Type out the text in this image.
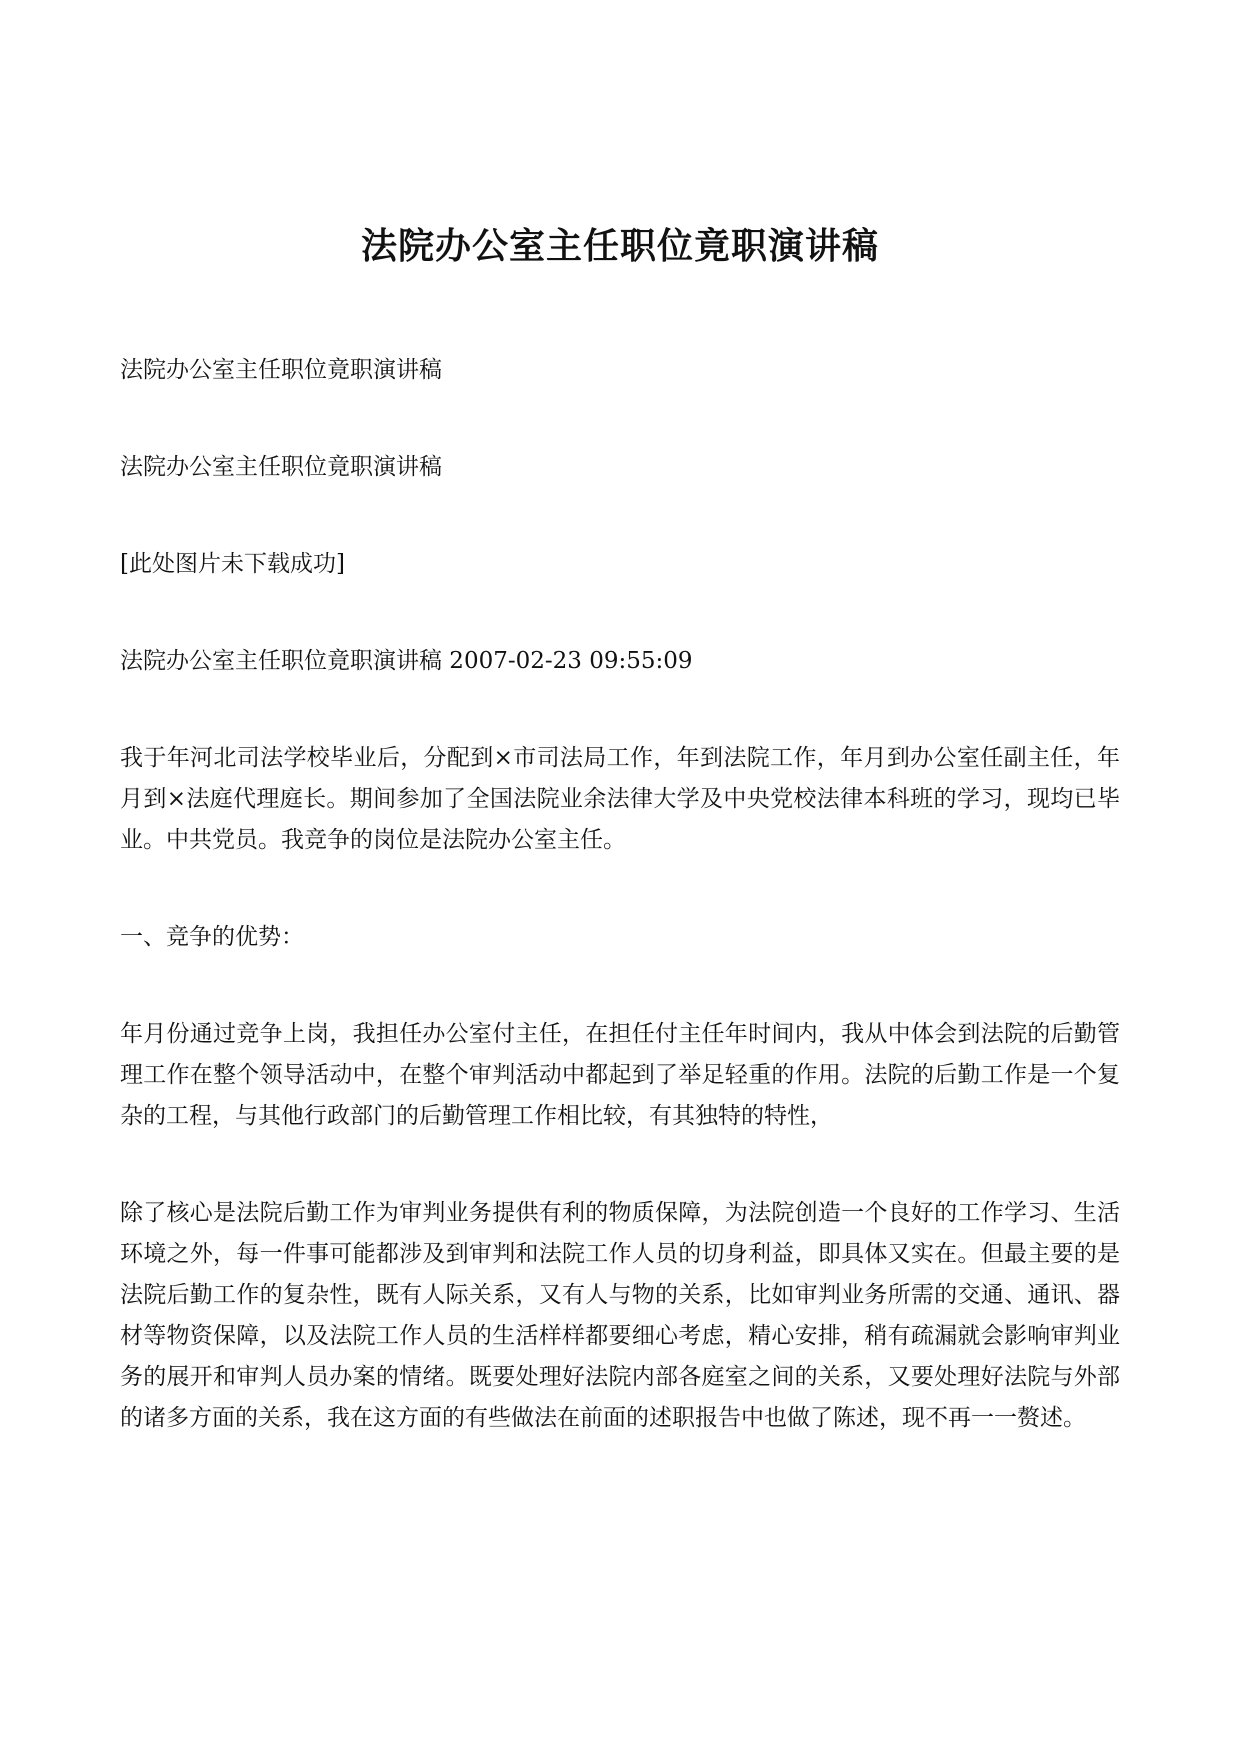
法院办公室主任职位竟职演讲稿

法院办公室主任职位竟职演讲稿

法院办公室主任职位竟职演讲稿

[此处图片未下载成功]

法院办公室主任职位竟职演讲稿 2007-02-23 09:55:09

我于年河北司法学校毕业后，分配到×市司法局工作，年到法院工作，年月到办公室任副主任，年月到×法庭代理庭长。期间参加了全国法院业余法律大学及中央党校法律本科班的学习，现均已毕业。中共党员。我竞争的岗位是法院办公室主任。

一、竞争的优势：

年月份通过竞争上岗，我担任办公室付主任，在担任付主任年时间内，我从中体会到法院的后勤管理工作在整个领导活动中，在整个审判活动中都起到了举足轻重的作用。法院的后勤工作是一个复杂的工程，与其他行政部门的后勤管理工作相比较，有其独特的特性，

除了核心是法院后勤工作为审判业务提供有利的物质保障，为法院创造一个良好的工作学习、生活环境之外，每一件事可能都涉及到审判和法院工作人员的切身利益，即具体又实在。但最主要的是法院后勤工作的复杂性，既有人际关系，又有人与物的关系，比如审判业务所需的交通、通讯、器材等物资保障，以及法院工作人员的生活样样都要细心考虑，精心安排，稍有疏漏就会影响审判业务的展开和审判人员办案的情绪。既要处理好法院内部各庭室之间的关系，又要处理好法院与外部的诸多方面的关系，我在这方面的有些做法在前面的述职报告中也做了陈述，现不再一一赘述。
